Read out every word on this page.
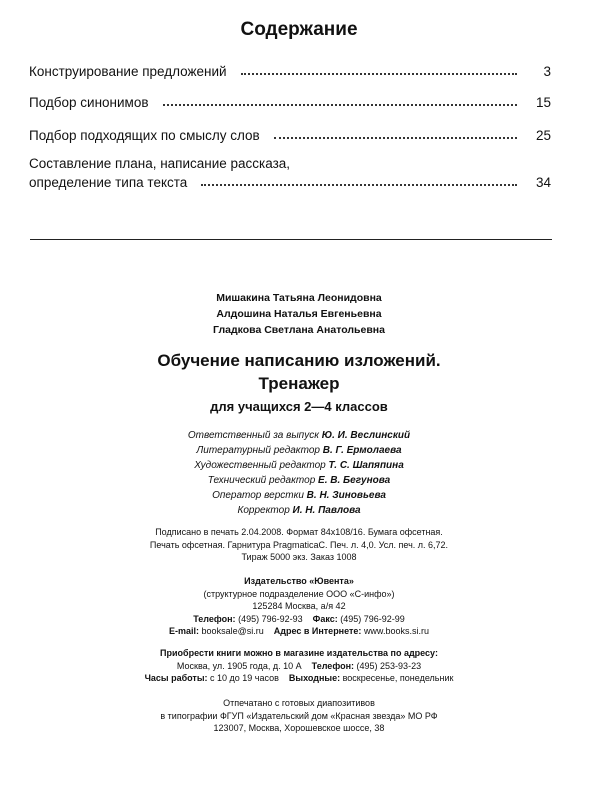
Содержание
Конструирование предложений	3
Подбор синонимов	15
Подбор подходящих по смыслу слов	25
Составление плана, написание рассказа,
определение типа текста	34
Мишакина Татьяна Леонидовна
Алдошина Наталья Евгеньевна
Гладкова Светлана Анатольевна
Обучение написанию изложений.
Тренажер
для учащихся 2—4 классов
Ответственный за выпуск Ю. И. Веслинский
Литературный редактор В. Г. Ермолаева
Художественный редактор Т. С. Шапяпина
Технический редактор Е. В. Бегунова
Оператор верстки В. Н. Зиновьева
Корректор И. Н. Павлова
Подписано в печать 2.04.2008. Формат 84x108/16. Бумага офсетная.
Печать офсетная. Гарнитура PragmaticaC. Печ. л. 4,0. Усл. печ. л. 6,72.
Тираж 5000 экз. Заказ 1008
Издательство «Ювента»
(структурное подразделение ООО «С-инфо»)
125284 Москва, а/я 42
Телефон: (495) 796-92-93 Факс: (495) 796-92-99
E-mail: booksale@si.ru Адрес в Интернете: www.books.si.ru
Приобрести книги можно в магазине издательства по адресу:
Москва, ул. 1905 года, д. 10 А Телефон: (495) 253-93-23
Часы работы: с 10 до 19 часов Выходные: воскресенье, понедельник
Отпечатано с готовых диапозитивов
в типографии ФГУП «Издательский дом «Красная звезда» МО РФ
123007, Москва, Хорошевское шоссе, 38
